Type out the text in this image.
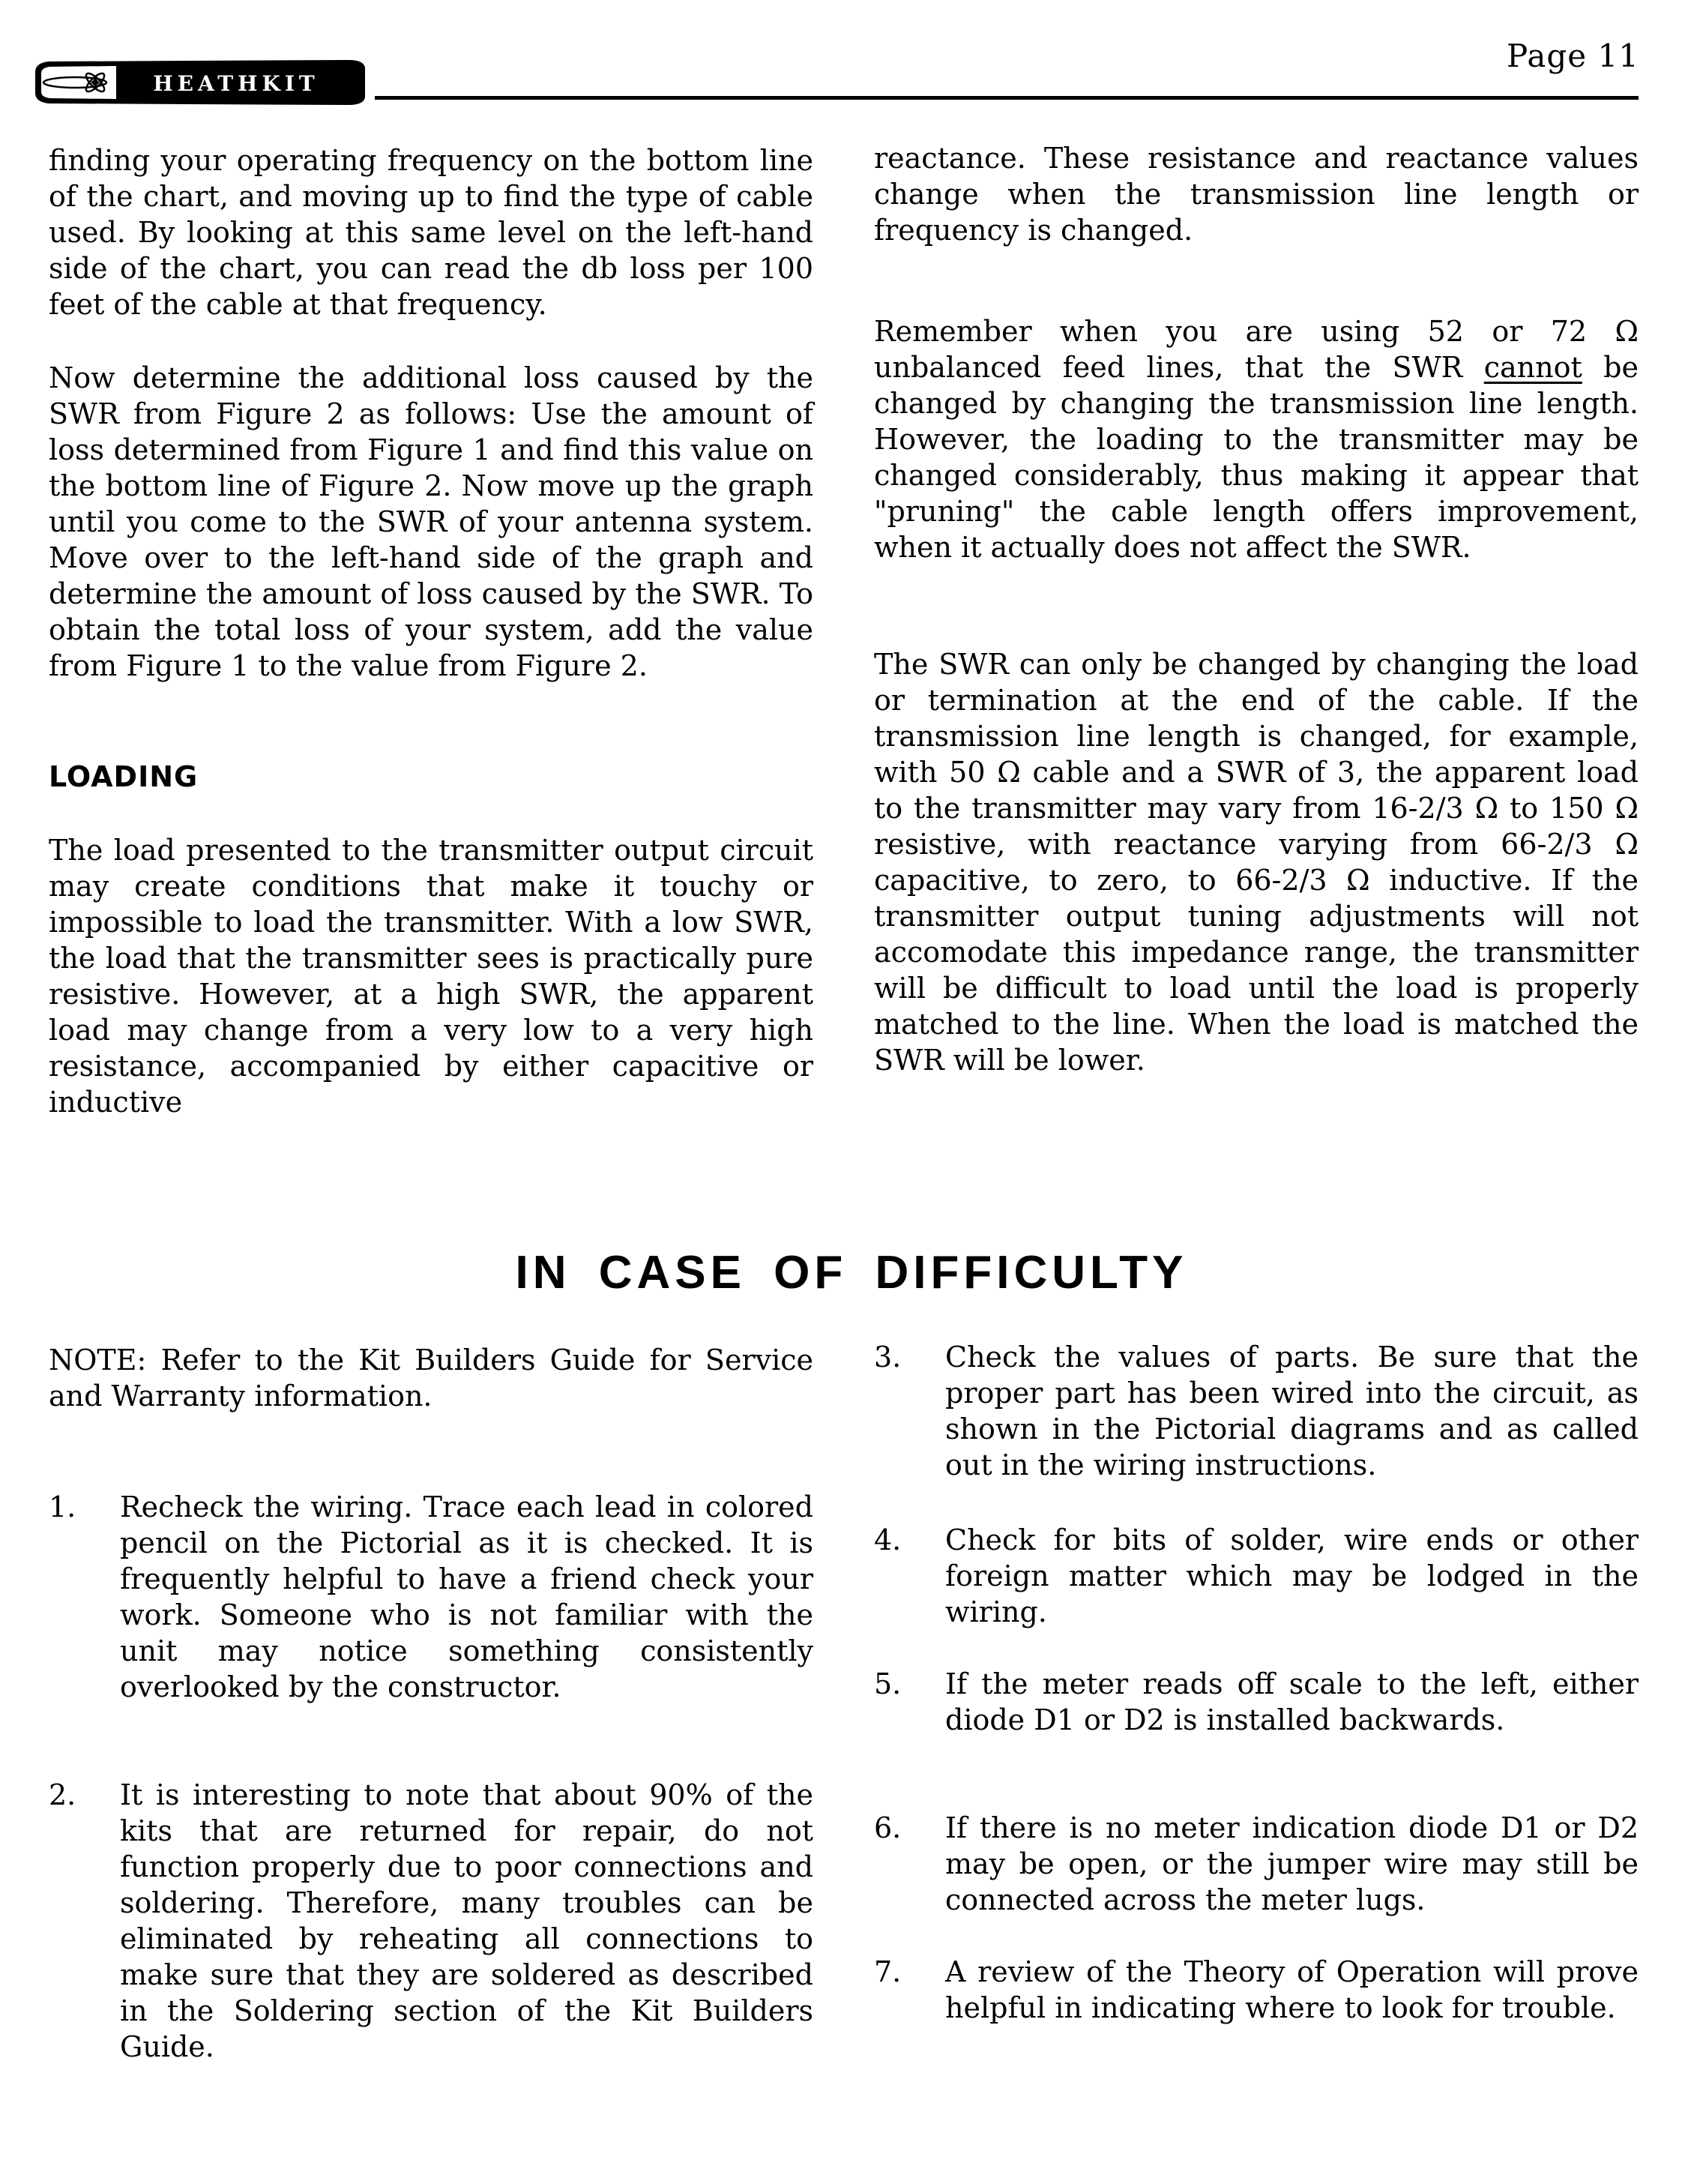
HEATHKIT
Page 11

finding your operating frequency on the bottom line of the chart, and moving up to find the type of cable used. By looking at this same level on the left-hand side of the chart, you can read the db loss per 100 feet of the cable at that frequency.

Now determine the additional loss caused by the SWR from Figure 2 as follows: Use the amount of loss determined from Figure 1 and find this value on the bottom line of Figure 2. Now move up the graph until you come to the SWR of your antenna system. Move over to the left-hand side of the graph and determine the amount of loss caused by the SWR. To obtain the total loss of your system, add the value from Figure 1 to the value from Figure 2.

LOADING

The load presented to the transmitter output circuit may create conditions that make it touchy or impossible to load the transmitter. With a low SWR, the load that the transmitter sees is practically pure resistive. However, at a high SWR, the apparent load may change from a very low to a very high resistance, accompanied by either capacitive or inductive

reactance. These resistance and reactance values change when the transmission line length or frequency is changed.

Remember when you are using 52 or 72 Ω unbalanced feed lines, that the SWR cannot be changed by changing the transmission line length. However, the loading to the transmitter may be changed considerably, thus making it appear that "pruning" the cable length offers improvement, when it actually does not affect the SWR.

The SWR can only be changed by changing the load or termination at the end of the cable. If the transmission line length is changed, for example, with 50 Ω cable and a SWR of 3, the apparent load to the transmitter may vary from 16-2/3 Ω to 150 Ω resistive, with reactance varying from 66-2/3 Ω capacitive, to zero, to 66-2/3 Ω inductive. If the transmitter output tuning adjustments will not accomodate this impedance range, the transmitter will be difficult to load until the load is properly matched to the line. When the load is matched the SWR will be lower.

IN CASE OF DIFFICULTY

NOTE: Refer to the Kit Builders Guide for Service and Warranty information.

1. Recheck the wiring. Trace each lead in colored pencil on the Pictorial as it is checked. It is frequently helpful to have a friend check your work. Someone who is not familiar with the unit may notice something consistently overlooked by the constructor.
2. It is interesting to note that about 90% of the kits that are returned for repair, do not function properly due to poor connections and soldering. Therefore, many troubles can be eliminated by reheating all connections to make sure that they are soldered as described in the Soldering section of the Kit Builders Guide.
3. Check the values of parts. Be sure that the proper part has been wired into the circuit, as shown in the Pictorial diagrams and as called out in the wiring instructions.
4. Check for bits of solder, wire ends or other foreign matter which may be lodged in the wiring.
5. If the meter reads off scale to the left, either diode D1 or D2 is installed backwards.
6. If there is no meter indication diode D1 or D2 may be open, or the jumper wire may still be connected across the meter lugs.
7. A review of the Theory of Operation will prove helpful in indicating where to look for trouble.
